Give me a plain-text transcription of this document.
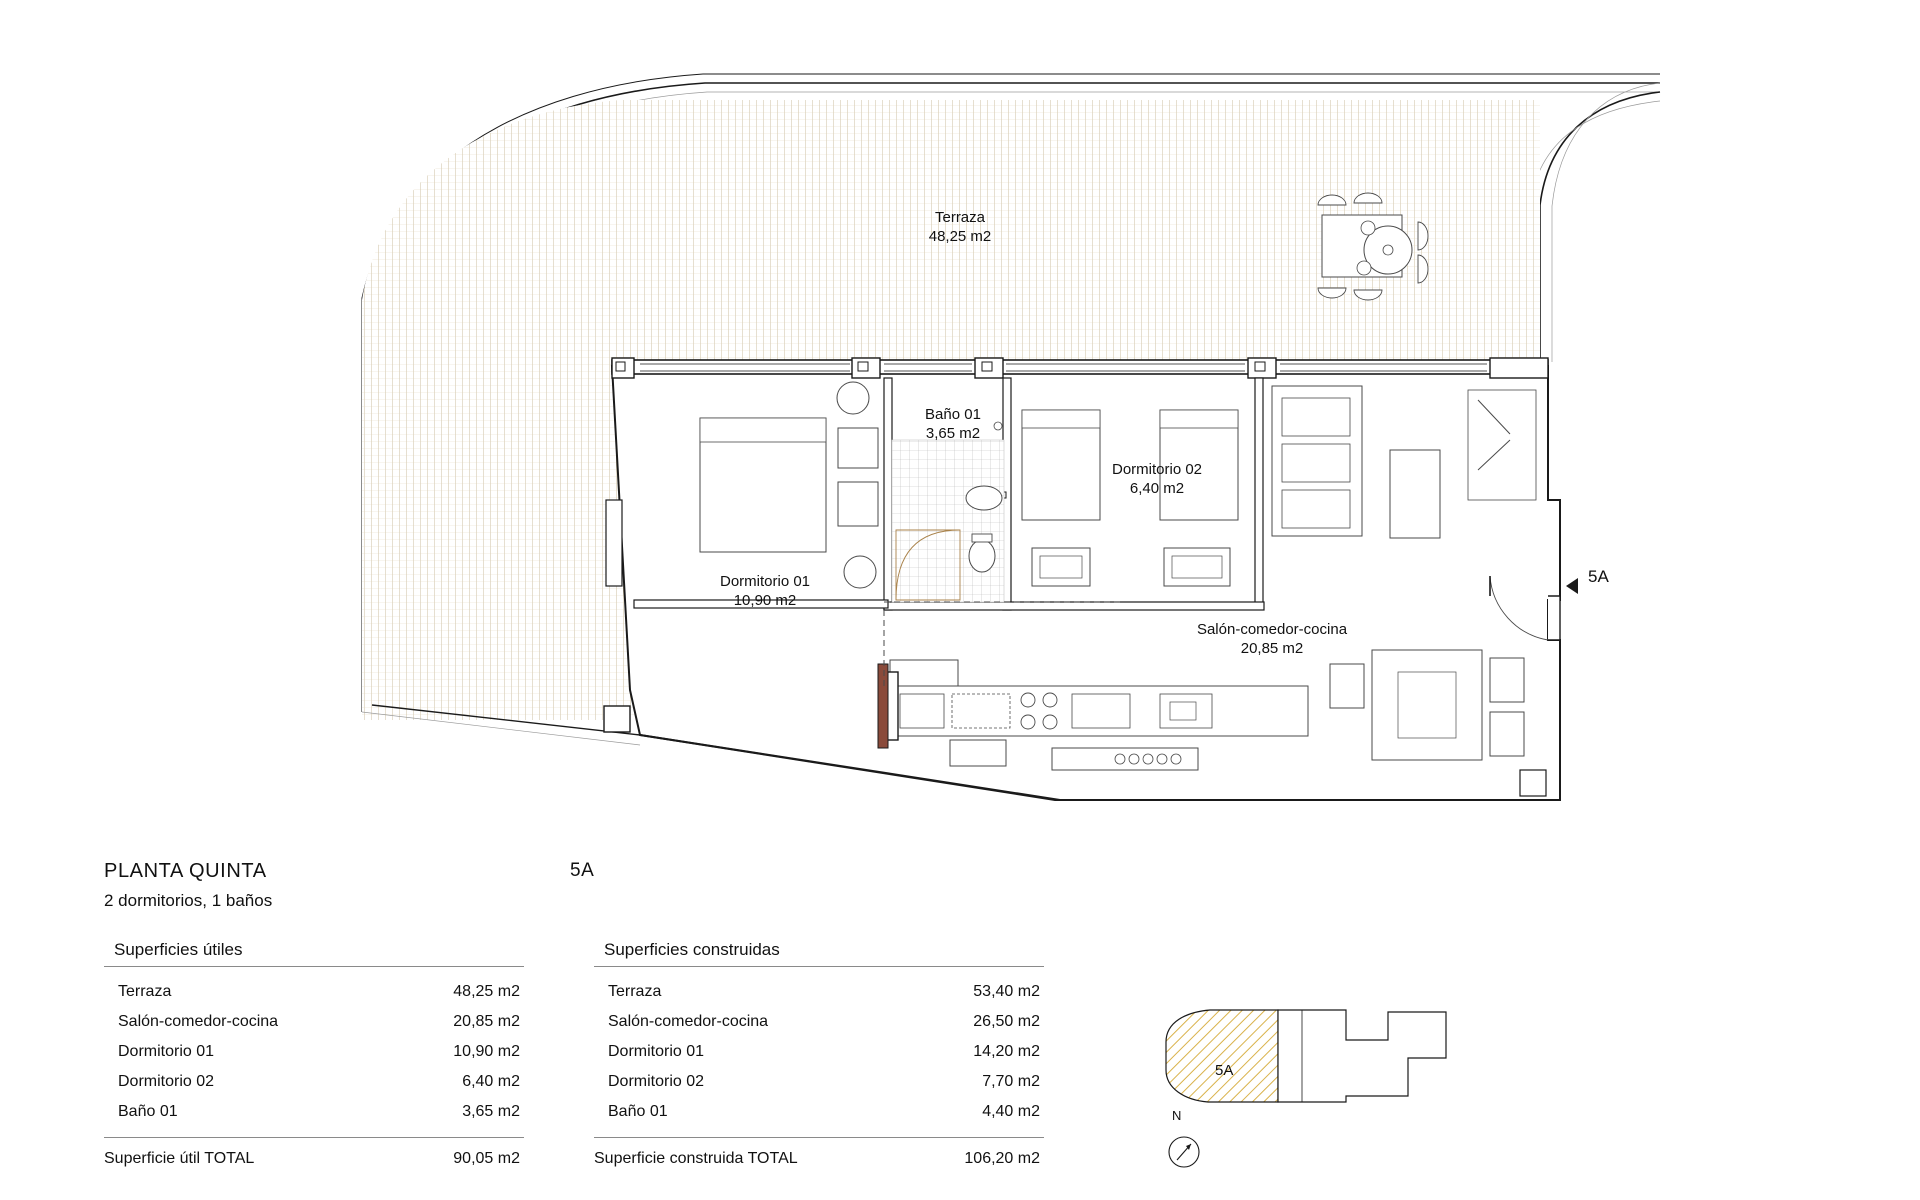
Terraza
48,25 m2
Baño 01
3,65 m2
Dormitorio 02
6,40 m2
Dormitorio 01
10,90 m2
Salón-comedor-cocina
20,85 m2
5A
PLANTA QUINTA	5A
2 dormitorios, 1 baños
Superficies útiles
Terraza	48,25 m2
Salón-comedor-cocina	20,85 m2
Dormitorio 01	10,90 m2
Dormitorio 02	6,40 m2
Baño 01	3,65 m2
Superficie útil TOTAL	90,05 m2
Superficies construidas
Terraza	53,40 m2
Salón-comedor-cocina	26,50 m2
Dormitorio 01	14,20 m2
Dormitorio 02	7,70 m2
Baño 01	4,40 m2
Superficie construida TOTAL	106,20 m2
5A
N
